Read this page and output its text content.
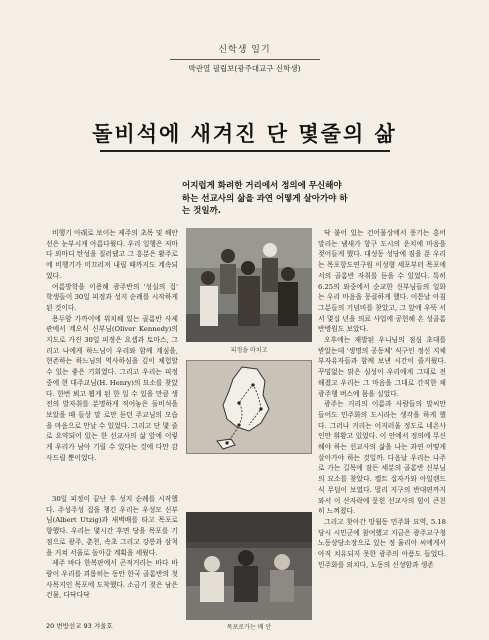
신학생 일기
박관열 필립보(광주대교구 신학생)
돌비석에 새겨진 단 몇줄의 삶
어지럽게 화려한 거리에서 정의에 무신해야 하는 선교사의 삶을 과연 어떻게 살아가야 하는 것일까.

비행기 아래로 보이는 제주의 초목 및 해안선은 눈부시게 아름다웠다. 우리 일행은 저마다 외마디 탄성을 질러댔고 그 흥분은 활주로에 비행기가 미끄러져 내릴 때까지도 계속되었다.

여름방학을 이용해 광주반의 '성실의 집' 학생들이 30일 피정과 성지 순례를 시작하게 된 것이다.

용두암 가까이에 위치해 있는 골롬반 사제관에서 계오식 신부님(Oliver Kennedy)의 지도로 가진 30일 피정은 요셉과 토마스, 그리고 나에게 하느님이 우리와 함께 계심을, 현존하는 하느님의 역사하심을 깊이 체험할 수 있는 좋은 기회였다. 그리고 우리는 피정 중에 현 대주교님(H. Henry)의 묘소를 찾았다. 한번 뵈고 뵙게 된 한 일 수 있을 만큼 생전의 발자취를 분명하게 적어놓은 돌비석을 보았을 때 들상 말 로만 듣던 주교님의 모습을 마음으로 만날 수 있었다. 그리고 단 몇 줄로 요약되어 있는 한 선교사의 삶 앞에 이렇게 우리가 남아 기릴 수 있다는 것에 다만 감사드릴 뿐이었다.

30일 피정이 끝난 후 성지 순례를 시작했다. 주성주성 집을 챙긴 우리는 우성모 신부님(Albert Utzig)과 새벽배를 타고 목포로 향했다. 우리는 몇시간 후면 당을 목포를 기점으로 광주, 춘천, 속초 그리고 강릉과 삼척을 거쳐 서울로 돌아갈 계획을 세웠다.

제주 바다 한복판에서 곤적거리는 바다 바람이 우리를 괴롭히는 동안 한국 골롬반의 첫 사목지인 목포에 도착했다. 소금기 젖은 남은 건물, 다닥다닥

피정을 마치고
목포로가는 배 안

닥 붙어 있는 건어물상에서 풍기는 흥어 말리는 냄새가 항구 도시의 운치에 마음을 젖어들게 했다. 대성동 성당에 짐을 푼 우리는 목포항도연구원 이성형 세포부터 목포에서의 골롬반 자취를 듣을 수 있었다. 특히 6.25의 와중에서 순교한 신부님들의 일화는 우리 마음을 뭉클하게 했다. 이튿날 아침 그분들의 기념비를 찾았고, 그 앞에 우뚝 서서 몇십 년을 의료 사업에 공헌해 온 성골롬반병원도 보았다.

오후에는 재발된 우니님의 점심 초대를 받았는데 '생명의 공동체' 식구인 정신 지체 부자유자들과 함께 보낸 시간이 즐거웠다. 꾸밈없는 맑은 심성이 우리에게 그대로 전해졌고 우리는 그 마음을 그대로 간직한 채 광주행 버스에 몸을 실었다.

광주는 거리의 이름과 사람들의 말씨만 들어도 민주화의 도시라는 생각을 하게 했다. 그러나 거리는 어지러울 정도로 네온사인만 휘황고 있었다. 이 안에서 정의에 무신해야 하는 선교사의 삶을 나는 과연 어떻게 살아가야 하는 것일까. 다음날 우리는 나주로 가는 길목에 잠든 세분의 골롬반 신부님의 묘소를 찾았다. 켈트 십자가와 아일랜드식 무덤이 보였다. 멀리 지구의 반대편까지 와서 이 산자락에 묻힌 선교사의 힘이 큰친히 느껴졌다.

그리고 찾아간 망월동 민주화 묘역, 5.18 당시 시민군에 참여했고 지금은 광주교구청 노동상담소장으로 있는 정 율리아 씨에게서 아직 치유되지 못한 광주의 아픔도 들었다. 민주화를 외치다, 노동의 신성함과 생존

20 변방선교 93 겨울호
